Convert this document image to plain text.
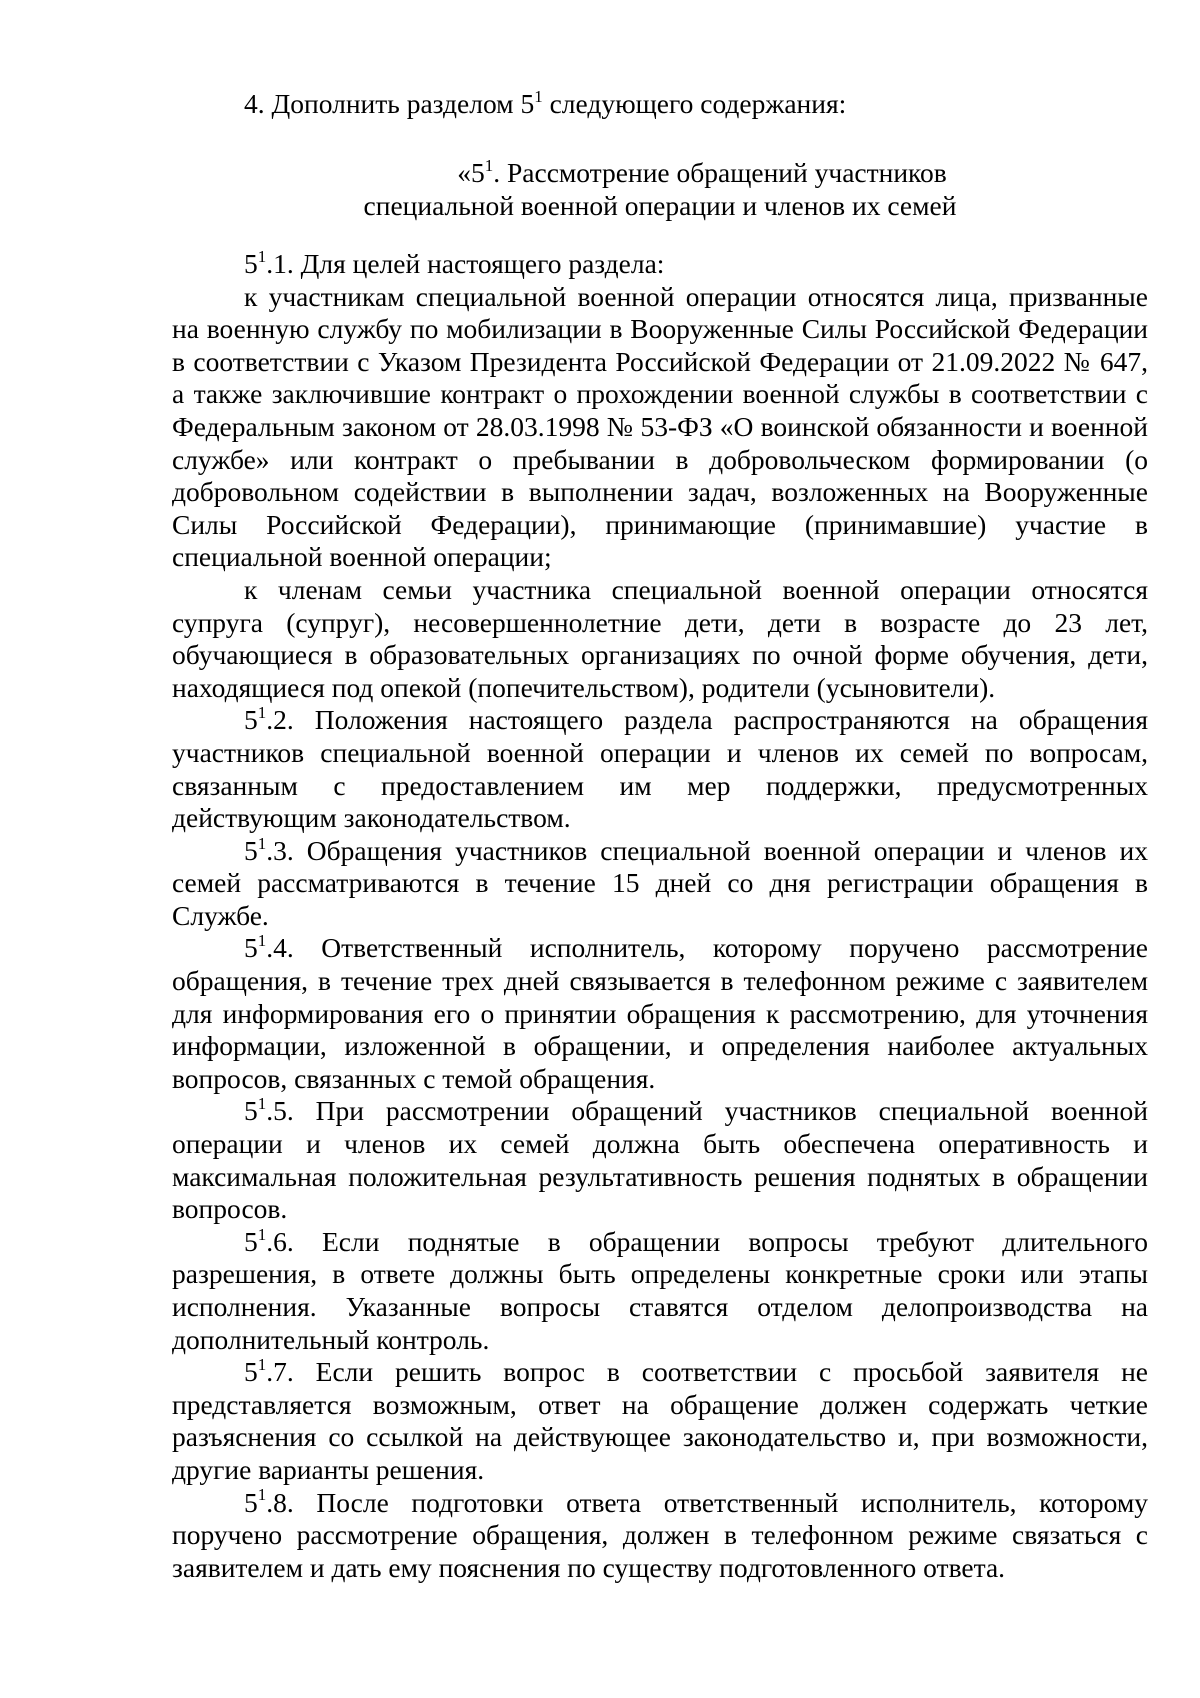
4. Дополнить разделом $5^1$ следующего содержания:

«$5^1$. Рассмотрение обращений участников
специальной военной операции и членов их семей

$5^1.1$. Для целей настоящего раздела:

к участникам специальной военной операции относятся лица, призванные на военную службу по мобилизации в Вооруженные Силы Российской Федерации в соответствии с Указом Президента Российской Федерации от 21.09.2022 № 647, а также заключившие контракт о прохождении военной службы в соответствии с Федеральным законом от 28.03.1998 № 53-ФЗ «О воинской обязанности и военной службе» или контракт о пребывании в добровольческом формировании (о добровольном содействии в выполнении задач, возложенных на Вооруженные Силы Российской Федерации), принимающие (принимавшие) участие в специальной военной операции;

к членам семьи участника специальной военной операции относятся супруга (супруг), несовершеннолетние дети, дети в возрасте до 23 лет, обучающиеся в образовательных организациях по очной форме обучения, дети, находящиеся под опекой (попечительством), родители (усыновители).

$5^1.2$. Положения настоящего раздела распространяются на обращения участников специальной военной операции и членов их семей по вопросам, связанным с предоставлением им мер поддержки, предусмотренных действующим законодательством.

$5^1.3$. Обращения участников специальной военной операции и членов их семей рассматриваются в течение 15 дней со дня регистрации обращения в Службе.

$5^1.4$. Ответственный исполнитель, которому поручено рассмотрение обращения, в течение трех дней связывается в телефонном режиме с заявителем для информирования его о принятии обращения к рассмотрению, для уточнения информации, изложенной в обращении, и определения наиболее актуальных вопросов, связанных с темой обращения.

$5^1.5$. При рассмотрении обращений участников специальной военной операции и членов их семей должна быть обеспечена оперативность и максимальная положительная результативность решения поднятых в обращении вопросов.

$5^1.6$. Если поднятые в обращении вопросы требуют длительного разрешения, в ответе должны быть определены конкретные сроки или этапы исполнения. Указанные вопросы ставятся отделом делопроизводства на дополнительный контроль.

$5^1.7$. Если решить вопрос в соответствии с просьбой заявителя не представляется возможным, ответ на обращение должен содержать четкие разъяснения со ссылкой на действующее законодательство и, при возможности, другие варианты решения.

$5^1.8$. После подготовки ответа ответственный исполнитель, которому поручено рассмотрение обращения, должен в телефонном режиме связаться с заявителем и дать ему пояснения по существу подготовленного ответа.
